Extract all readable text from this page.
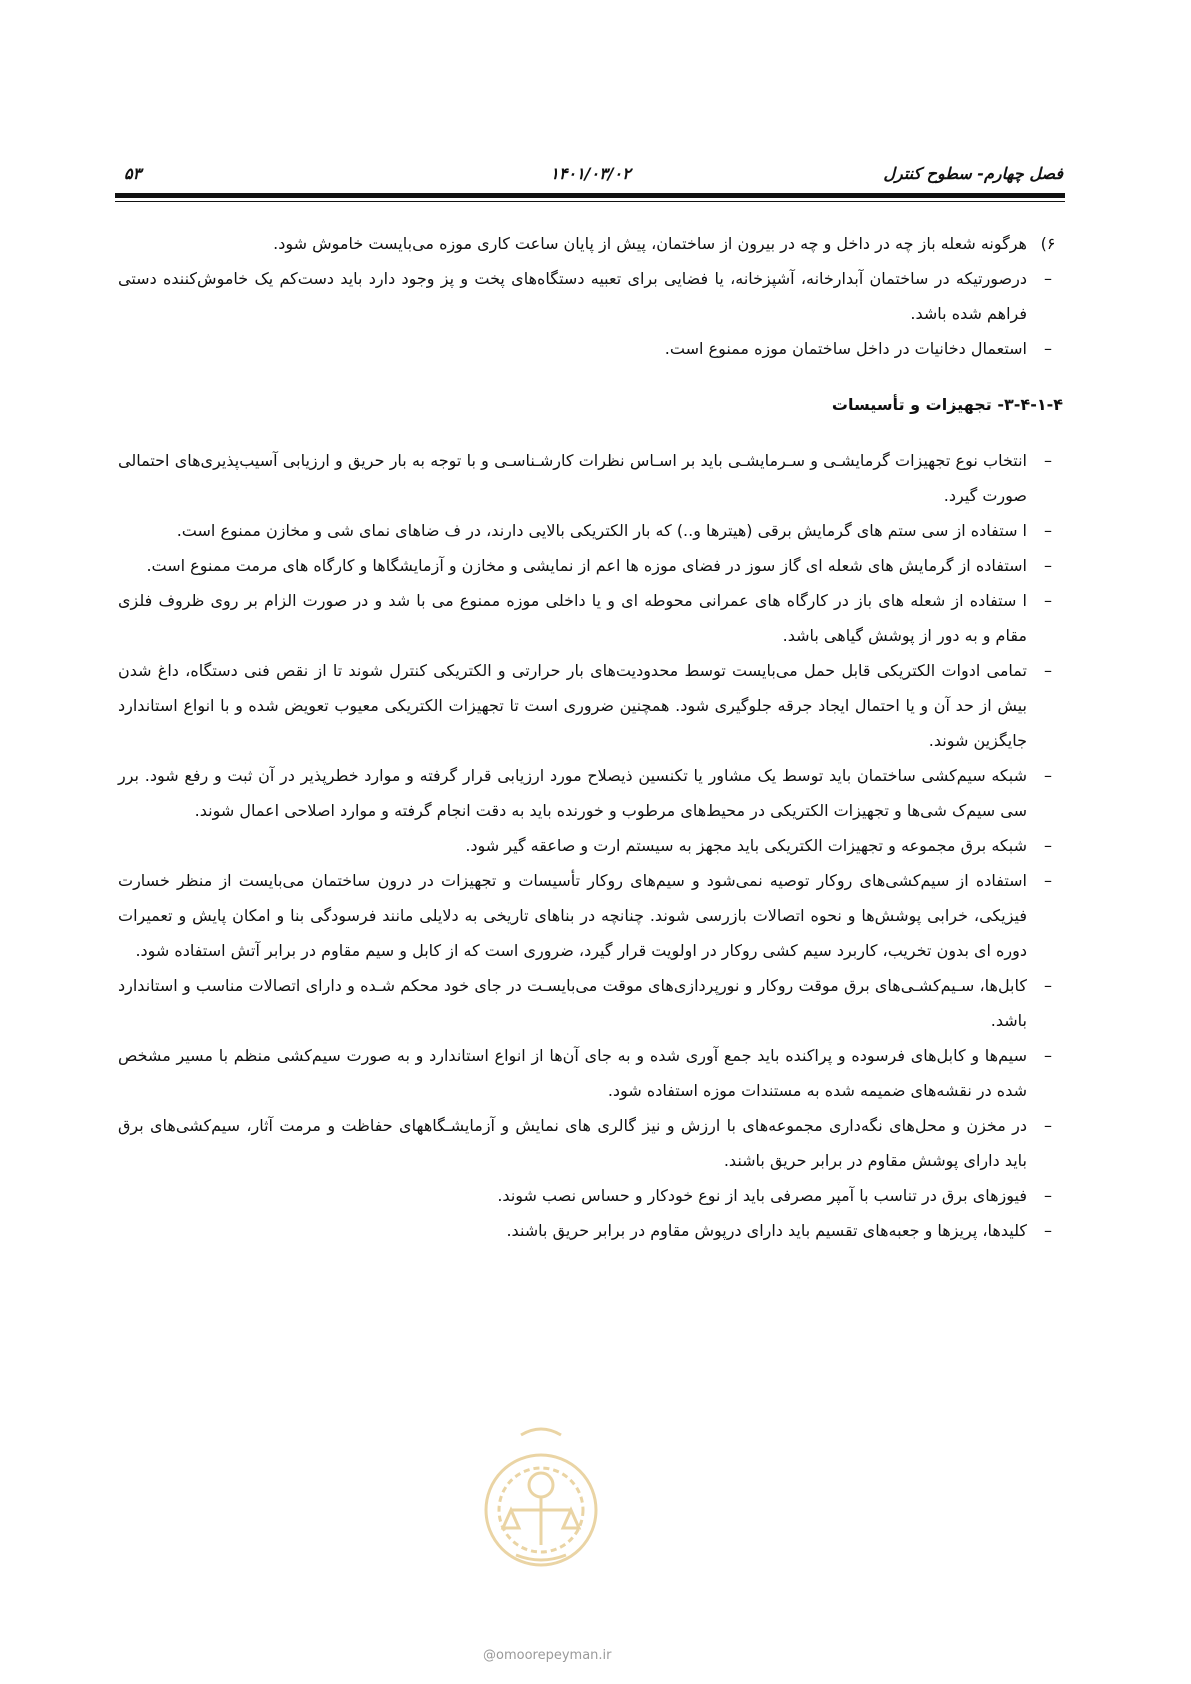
فصل چهارم- سطوح کنترل
۱۴۰۱/۰۳/۰۲
۵۳

۶)
هرگونه شعله باز چه در داخل و چه در بیرون از ساختمان، پیش از پایان ساعت کاری موزه می‌بایست خاموش شود.

–
درصورتیکه در ساختمان آبدارخانه، آشپزخانه، یا فضایی برای تعبیه دستگاه‌های پخت و پز وجود دارد باید دست‌کم یک خاموش‌کننده دستی فراهم شده باشد.

–
استعمال دخانیات در داخل ساختمان موزه ممنوع است.

۳-۴-۱-۴- تجهیزات و تأسیسات

–
انتخاب نوع تجهیزات گرمایشـی و سـرمایشـی باید بر اسـاس نظرات کارشـناسـی و با توجه به بار حریق و ارزیابی آسیب‌پذیری‌های احتمالی صورت گیرد.

–
ا ستفاده از سی ستم های گرمایش برقی (هیترها و..) که بار الکتریکی بالایی دارند، در ف ضاهای نمای شی و مخازن ممنوع است.

–
استفاده از گرمایش های شعله ای گاز سوز در فضای موزه ها اعم از نمایشی و مخازن و آزمایشگاها و کارگاه های مرمت ممنوع است.

–
ا ستفاده از شعله های باز در کارگاه های عمرانی محوطه ای و یا داخلی موزه ممنوع می با شد و در صورت الزام بر روی ظروف فلزی مقام و به دور از پوشش گیاهی باشد.

–
تمامی ادوات الکتریکی قابل حمل می‌بایست توسط محدودیت‌های بار حرارتی و الکتریکی کنترل شوند تا از نقص فنی دستگاه، داغ شدن بیش از حد آن و یا احتمال ایجاد جرقه جلوگیری شود. همچنین ضروری است تا تجهیزات الکتریکی معیوب تعویض شده و با انواع استاندارد جایگزین شوند.

–
شبکه سیم‌کشی ساختمان باید توسط یک مشاور یا تکنسین ذیصلاح مورد ارزیابی قرار گرفته و موارد خطرپذیر در آن ثبت و رفع شود. برر سی سیم‌ک شی‌ها و تجهیزات الکتریکی در محیط‌های مرطوب و خورنده باید به دقت انجام گرفته و موارد اصلاحی اعمال شوند.

–
شبکه برق مجموعه و تجهیزات الکتریکی باید مجهز به سیستم ارت و صاعقه گیر شود.

–
استفاده از سیم‌کشی‌های روکار توصیه نمی‌شود و سیم‌های روکار تأسیسات و تجهیزات در درون ساختمان می‌بایست از منظر خسارت فیزیکی، خرابی پوشش‌ها و نحوه اتصالات بازرسی شوند. چنانچه در بناهای تاریخی به دلایلی مانند فرسودگی بنا و امکان پایش و تعمیرات دوره ای بدون تخریب، کاربرد سیم کشی روکار در اولویت قرار گیرد، ضروری است که از کابل و سیم مقاوم در برابر آتش استفاده شود.

–
کابل‌ها، سـیم‌کشـی‌های برق موقت روکار و نورپردازی‌های موقت می‌بایسـت در جای خود محکم شـده و دارای اتصالات مناسب و استاندارد باشد.

–
سیم‌ها و کابل‌های فرسوده و پراکنده باید جمع آوری شده و به جای آن‌ها از انواع استاندارد و به صورت سیم‌کشی منظم با مسیر مشخص شده در نقشه‌های ضمیمه شده به مستندات موزه استفاده شود.

–
در مخزن و محل‌های نگه‌داری مجموعه‌های با ارزش و نیز گالری های نمایش و آزمایشـگاههای حفاظت و مرمت آثار، سیم‌کشی‌های برق باید دارای پوشش مقاوم در برابر حریق باشند.

–
فیوزهای برق در تناسب با آمپر مصرفی باید از نوع خودکار و حساس نصب شوند.

–
کلیدها، پریزها و جعبه‌های تقسیم باید دارای درپوش مقاوم در برابر حریق باشند.

@omoorepeyman.ir
